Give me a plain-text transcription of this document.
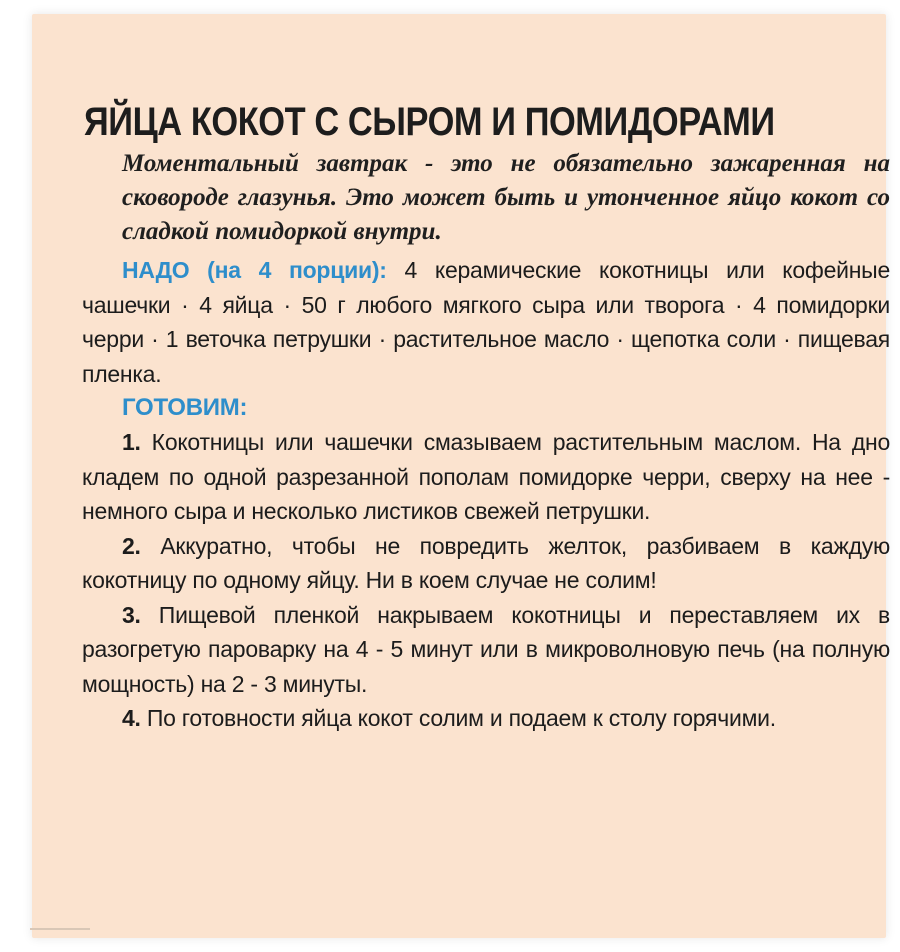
ЯЙЦА КОКОТ С СЫРОМ И ПОМИДОРАМИ
Моментальный завтрак - это не обязательно зажаренная на сковороде глазунья. Это может быть и утонченное яйцо кокот со сладкой помидоркой внутри.
НАДО (на 4 порции): 4 керамические кокотницы или кофейные чашечки · 4 яйца · 50 г любого мягкого сыра или творога · 4 помидорки черри · 1 веточка петрушки · растительное масло · щепотка соли · пищевая пленка.
ГОТОВИМ:

1. Кокотницы или чашечки смазываем растительным маслом. На дно кладем по одной разрезанной пополам помидорке черри, сверху на нее - немного сыра и несколько листиков свежей петрушки.

2. Аккуратно, чтобы не повредить желток, разбиваем в каждую кокотницу по одному яйцу. Ни в коем случае не солим!

3. Пищевой пленкой накрываем кокотницы и переставляем их в разогретую пароварку на 4 - 5 минут или в микроволновую печь (на полную мощность) на 2 - 3 минуты.

4. По готовности яйца кокот солим и подаем к столу горячими.
